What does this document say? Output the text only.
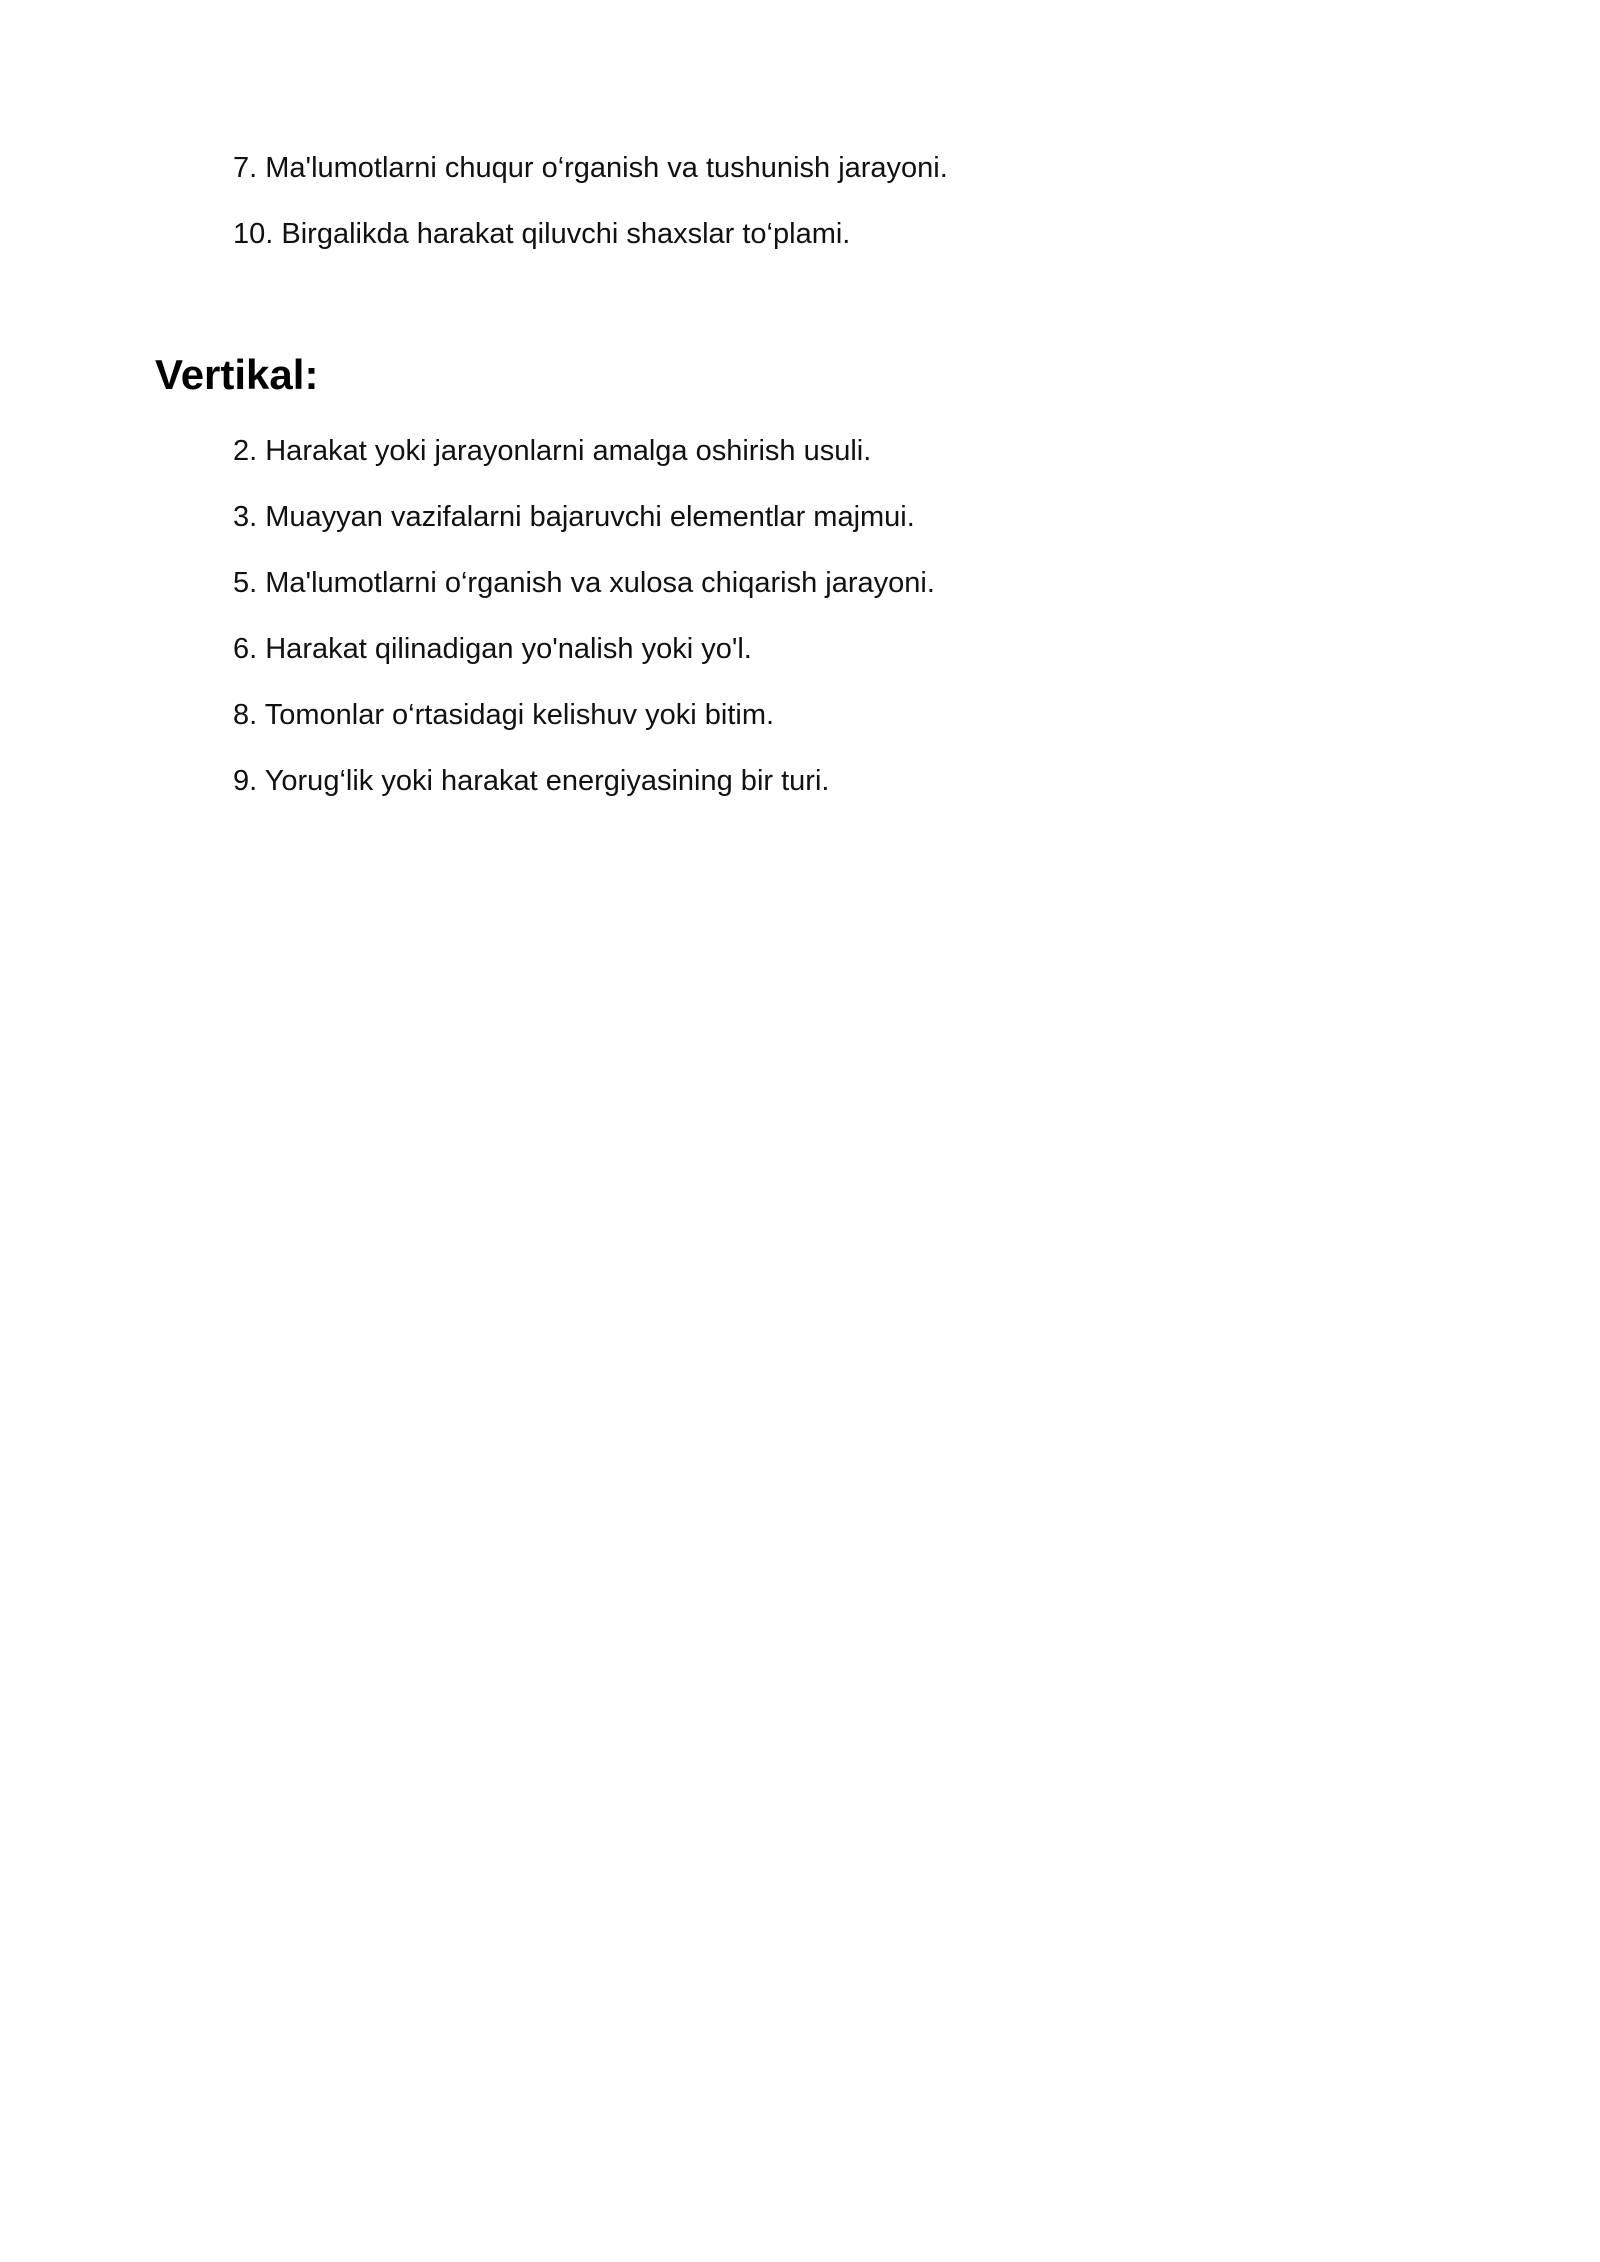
7. Ma'lumotlarni chuqur o‘rganish va tushunish jarayoni.
10. Birgalikda harakat qiluvchi shaxslar to‘plami.
Vertikal:
2. Harakat yoki jarayonlarni amalga oshirish usuli.
3. Muayyan vazifalarni bajaruvchi elementlar majmui.
5. Ma'lumotlarni o‘rganish va xulosa chiqarish jarayoni.
6. Harakat qilinadigan yo'nalish yoki yo'l.
8. Tomonlar o‘rtasidagi kelishuv yoki bitim.
9. Yorug‘lik yoki harakat energiyasining bir turi.
